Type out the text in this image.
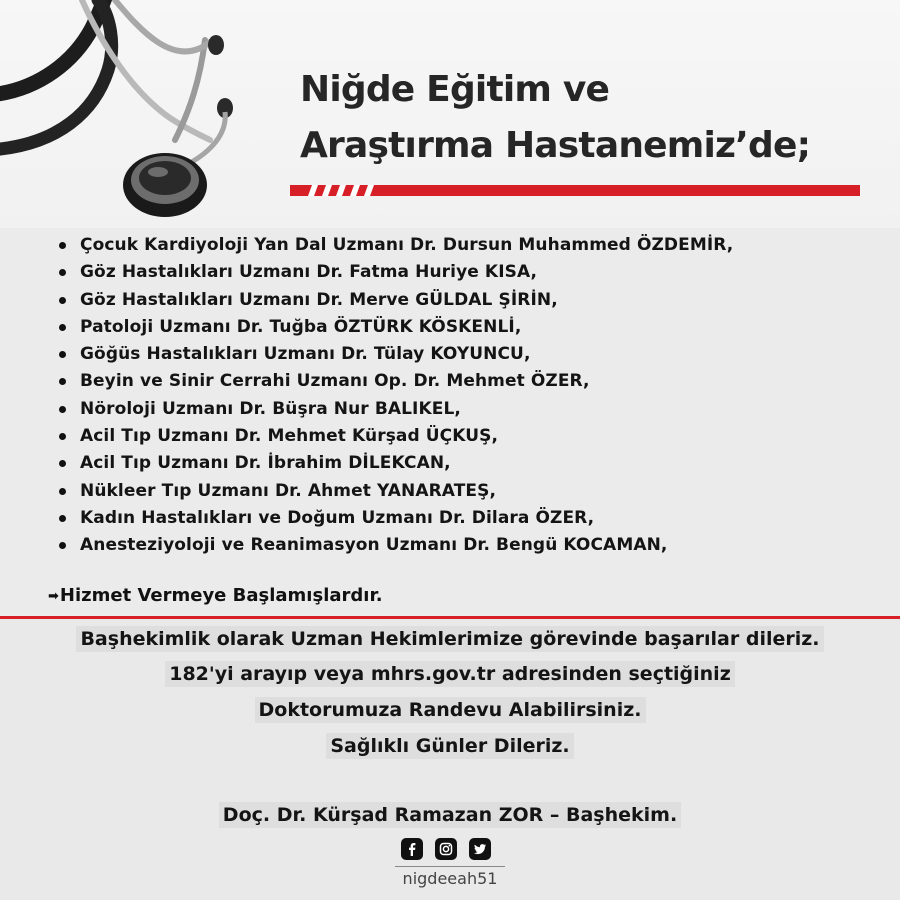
Niğde Eğitim ve
Araştırma Hastanemiz’de;
Çocuk Kardiyoloji Yan Dal Uzmanı Dr. Dursun Muhammed ÖZDEMİR,
Göz Hastalıkları Uzmanı Dr. Fatma Huriye KISA,
Göz Hastalıkları Uzmanı Dr. Merve GÜLDAL ŞİRİN,
Patoloji Uzmanı Dr. Tuğba ÖZTÜRK KÖSKENLİ,
Göğüs Hastalıkları Uzmanı Dr. Tülay KOYUNCU,
Beyin ve Sinir Cerrahi Uzmanı Op. Dr. Mehmet ÖZER,
Nöroloji Uzmanı Dr. Büşra Nur BALIKEL,
Acil Tıp Uzmanı Dr. Mehmet Kürşad ÜÇKUŞ,
Acil Tıp Uzmanı Dr. İbrahim DİLEKCAN,
Nükleer Tıp Uzmanı Dr. Ahmet YANARATEŞ,
Kadın Hastalıkları ve Doğum Uzmanı Dr. Dilara ÖZER,
Anesteziyoloji ve Reanimasyon Uzmanı Dr. Bengü KOCAMAN,
➡Hizmet Vermeye Başlamışlardır.
Başhekimlik olarak Uzman Hekimlerimize görevinde başarılar dileriz.
182'yi arayıp veya mhrs.gov.tr adresinden seçtiğiniz
Doktorumuza Randevu Alabilirsiniz.
Sağlıklı Günler Dileriz.
Doç. Dr. Kürşad Ramazan ZOR – Başhekim.
nigdeeah51
